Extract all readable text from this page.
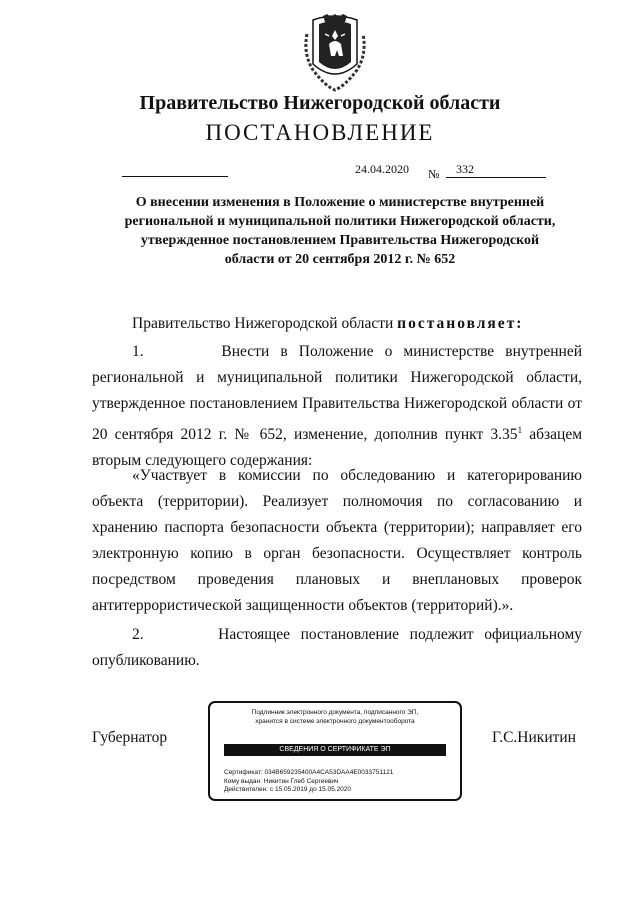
Правительство Нижегородской области
ПОСТАНОВЛЕНИЕ
24.04.2020 №	332
О внесении изменения в Положение о министерстве внутренней региональной и муниципальной политики Нижегородской области, утвержденное постановлением Правительства Нижегородской области от 20 сентября 2012 г. № 652
Правительство Нижегородской области постановляет:
1.	Внести в Положение о министерстве внутренней региональной и муниципальной политики Нижегородской области, утвержденное постановлением Правительства Нижегородской области от 20 сентября 2012 г. № 652, изменение, дополнив пункт 3.35$^1$ абзацем вторым следующего содержания:
«Участвует в комиссии по обследованию и категорированию объекта (территории). Реализует полномочия по согласованию и хранению паспорта безопасности объекта (территории); направляет его электронную копию в орган безопасности. Осуществляет контроль посредством проведения плановых и внеплановых проверок антитеррористической защищенности объектов (территорий).».
2.	Настоящее постановление подлежит официальному опубликованию.
Губернатор	Г.С.Никитин
Подлинник электронного документа, подписанного ЭП,
хранится в системе электронного документооборота
СВЕДЕНИЯ О СЕРТИФИКАТЕ ЭП
Сертификат: 034B659235400A4CA53DAA4E0033751121
Кому выдан: Никитин Глеб Сергеевич
Действителен: с 15.05.2019 до 15.05.2020
